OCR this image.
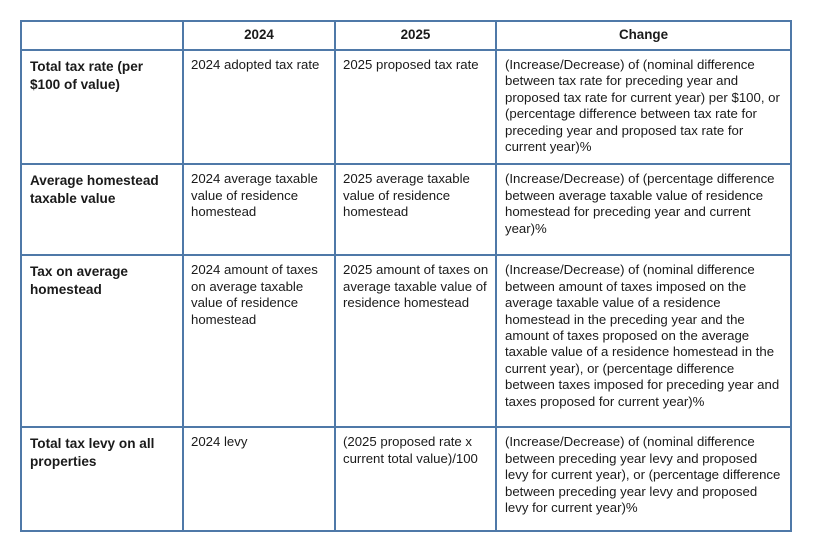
	2024	2025	Change

Total tax rate (per $100 of value)	2024 adopted tax rate	2025 proposed tax rate	(Increase/Decrease) of (nominal difference between tax rate for preceding year and proposed tax rate for current year) per $100, or (percentage difference between tax rate for preceding year and proposed tax rate for current year)%

Average homestead taxable value	2024 average taxable value of residence homestead	2025 average taxable value of residence homestead	(Increase/Decrease) of (percentage difference between average taxable value of residence homestead for preceding year and current year)%

Tax on average homestead	2024 amount of taxes on average taxable value of residence homestead	2025 amount of taxes on average taxable value of residence homestead	(Increase/Decrease) of (nominal difference between amount of taxes imposed on the average taxable value of a residence homestead in the preceding year and the amount of taxes proposed on the average taxable value of a residence homestead in the current year), or (percentage difference between taxes imposed for preceding year and taxes proposed for current year)%

Total tax levy on all properties	2024 levy	(2025 proposed rate x current total value)/100	(Increase/Decrease) of (nominal difference between preceding year levy and proposed levy for current year), or (percentage difference between preceding year levy and proposed levy for current year)%
